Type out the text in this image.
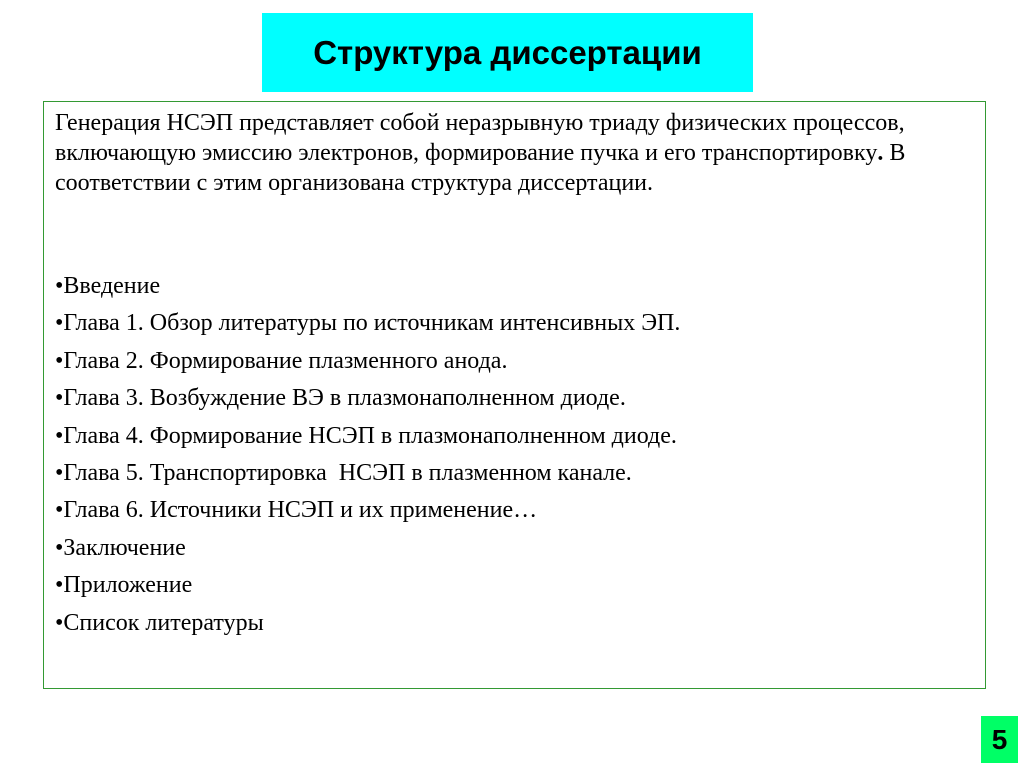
Структура диссертации

Генерация НСЭП представляет собой неразрывную триаду физических процессов, включающую эмиссию электронов, формирование пучка и его транспортировку. В соответствии с этим организована структура диссертации.

•Введение
•Глава 1. Обзор литературы по источникам интенсивных ЭП.
•Глава 2. Формирование плазменного анода.
•Глава 3. Возбуждение ВЭ в плазмонаполненном диоде.
•Глава 4. Формирование НСЭП в плазмонаполненном диоде.
•Глава 5. Транспортировка  НСЭП в плазменном канале.
•Глава 6. Источники НСЭП и их применение…
•Заключение
•Приложение
•Список литературы
5
